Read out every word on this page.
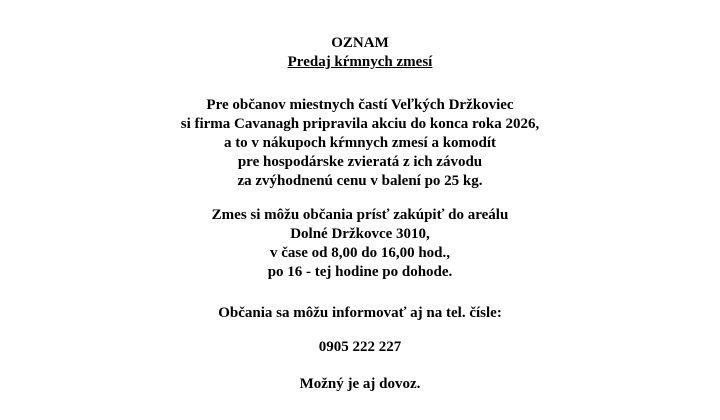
OZNAM
Predaj kŕmnych zmesí
Pre občanov miestnych častí Veľkých Držkoviec
si firma Cavanagh pripravila akciu do konca roka 2026,
a to v nákupoch kŕmnych zmesí a komodít
pre hospodárske zvieratá z ich závodu
za zvýhodnenú cenu v balení po 25 kg.
Zmes si môžu občania prísť zakúpiť do areálu
Dolné Držkovce 3010,
v čase od 8,00 do 16,00 hod.,
po 16 - tej hodine po dohode.
Občania sa môžu informovať aj na tel. čísle:
0905 222 227
Možný je aj dovoz.
